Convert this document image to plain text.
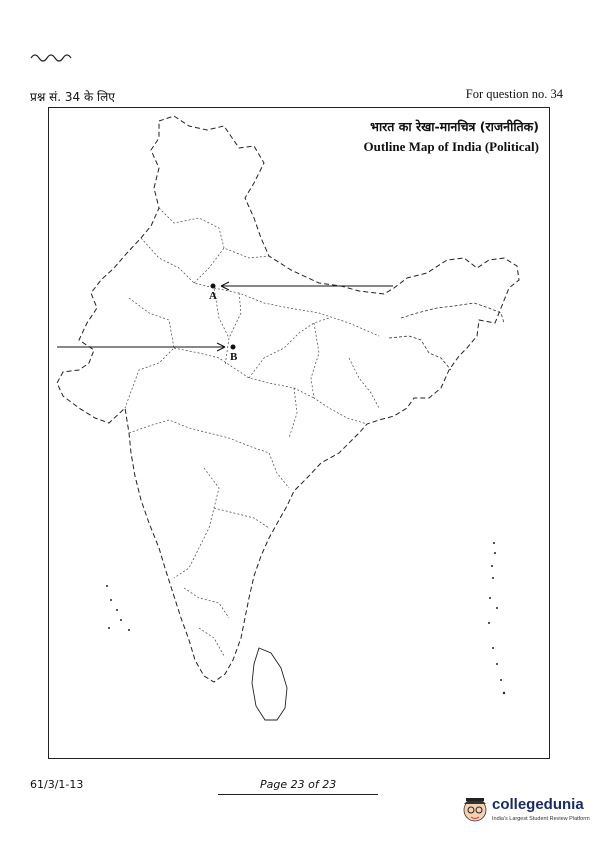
प्रश्न सं. 34 के लिए	For question no. 34
भारत का रेखा-मानचित्र (राजनीतिक)
Outline Map of India (Political)
A
B
61/3/1-13	Page 23 of 23
collegedunia
India's Largest Student Review Platform
